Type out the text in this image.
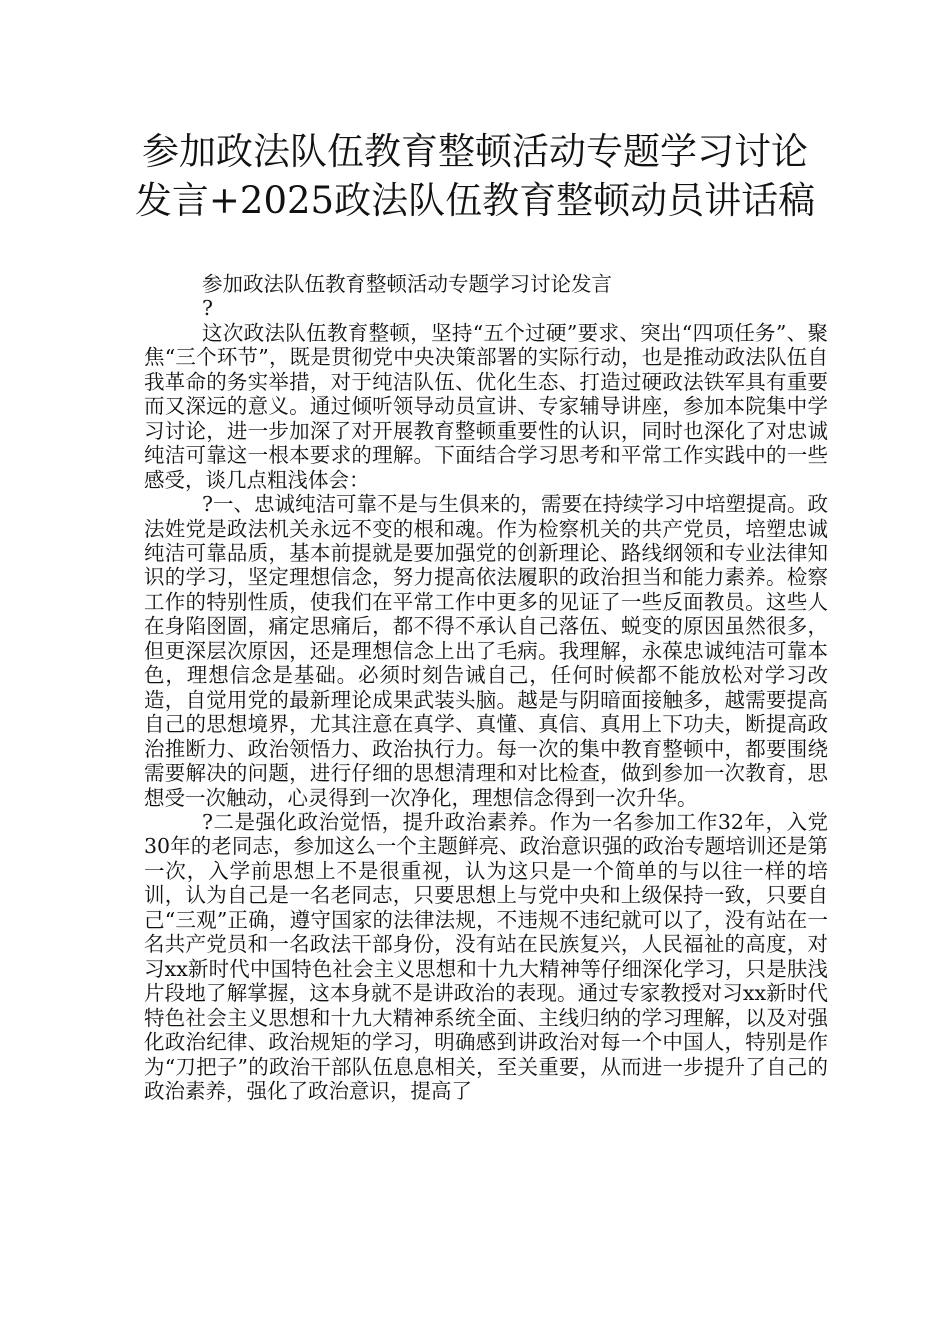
参加政法队伍教育整顿活动专题学习讨论
发言+2025政法队伍教育整顿动员讲话稿

参加政法队伍教育整顿活动专题学习讨论发言

?

这次政法队伍教育整顿，坚持“五个过硬”要求、突出“四项任务”、聚焦“三个环节”，既是贯彻党中央决策部署的实际行动，也是推动政法队伍自我革命的务实举措，对于纯洁队伍、优化生态、打造过硬政法铁军具有重要而又深远的意义。通过倾听领导动员宣讲、专家辅导讲座，参加本院集中学习讨论，进一步加深了对开展教育整顿重要性的认识，同时也深化了对忠诚纯洁可靠这一根本要求的理解。下面结合学习思考和平常工作实践中的一些感受，谈几点粗浅体会：

?一、忠诚纯洁可靠不是与生俱来的，需要在持续学习中培塑提高。政法姓党是政法机关永远不变的根和魂。作为检察机关的共产党员，培塑忠诚纯洁可靠品质，基本前提就是要加强党的创新理论、路线纲领和专业法律知识的学习，坚定理想信念，努力提高依法履职的政治担当和能力素养。检察工作的特别性质，使我们在平常工作中更多的见证了一些反面教员。这些人在身陷囹圄，痛定思痛后，都不得不承认自己落伍、蜕变的原因虽然很多，但更深层次原因，还是理想信念上出了毛病。我理解，永葆忠诚纯洁可靠本色，理想信念是基础。必须时刻告诫自己，任何时候都不能放松对学习改造，自觉用党的最新理论成果武装头脑。越是与阴暗面接触多，越需要提高自己的思想境界，尤其注意在真学、真懂、真信、真用上下功夫，断提高政治推断力、政治领悟力、政治执行力。每一次的集中教育整顿中，都要围绕需要解决的问题，进行仔细的思想清理和对比检查，做到参加一次教育，思想受一次触动，心灵得到一次净化，理想信念得到一次升华。

?二是强化政治觉悟，提升政治素养。作为一名参加工作32年，入党30年的老同志，参加这么一个主题鲜亮、政治意识强的政治专题培训还是第一次，入学前思想上不是很重视，认为这只是一个简单的与以往一样的培训，认为自己是一名老同志，只要思想上与党中央和上级保持一致，只要自己“三观”正确，遵守国家的法律法规，不违规不违纪就可以了，没有站在一名共产党员和一名政法干部身份，没有站在民族复兴，人民福祉的高度，对习xx新时代中国特色社会主义思想和十九大精神等仔细深化学习，只是肤浅片段地了解掌握，这本身就不是讲政治的表现。通过专家教授对习xx新时代特色社会主义思想和十九大精神系统全面、主线归纳的学习理解，以及对强化政治纪律、政治规矩的学习，明确感到讲政治对每一个中国人，特别是作为“刀把子”的政治干部队伍息息相关，至关重要，从而进一步提升了自己的政治素养，强化了政治意识，提高了
